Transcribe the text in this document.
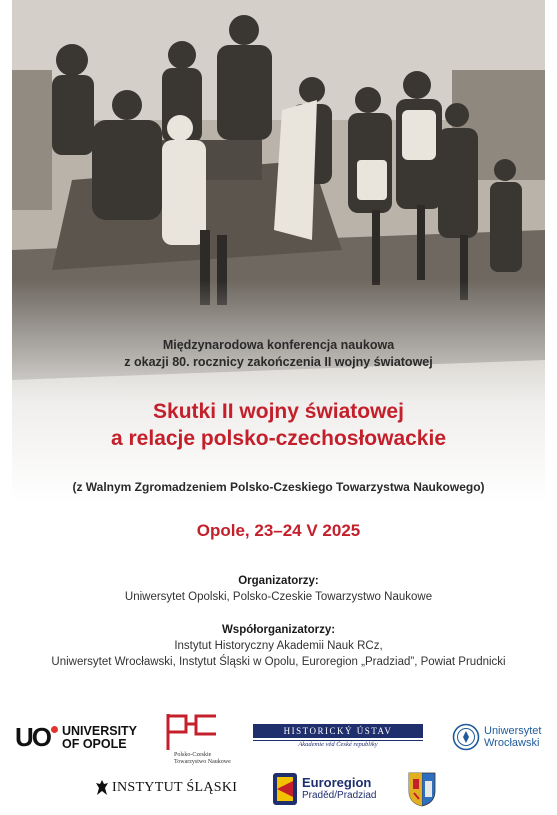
Międzynarodowa konferencja naukowa
z okazji 80. rocznicy zakończenia II wojny światowej
Skutki II wojny światowej
a relacje polsko-czechosłowackie
(z Walnym Zgromadzeniem Polsko-Czeskiego Towarzystwa Naukowego)
Opole, 23–24 V 2025
Organizatorzy:
Uniwersytet Opolski, Polsko-Czeskie Towarzystwo Naukowe
Współorganizatorzy:
Instytut Historyczny Akademii Nauk RCz,
Uniwersytet Wrocławski, Instytut Śląski w Opolu, Euroregion „Pradziad”, Powiat Prudnicki
UO UNIVERSITY
OF OPOLE
Polsko-Czeskie
Towarzystwo Naukowe
HISTORICKÝ ÚSTAV
Akademie věd České republiky
Uniwersytet
Wrocławski
INSTYTUT ŚLĄSKI	Euroregion
Praděd/Pradziad
